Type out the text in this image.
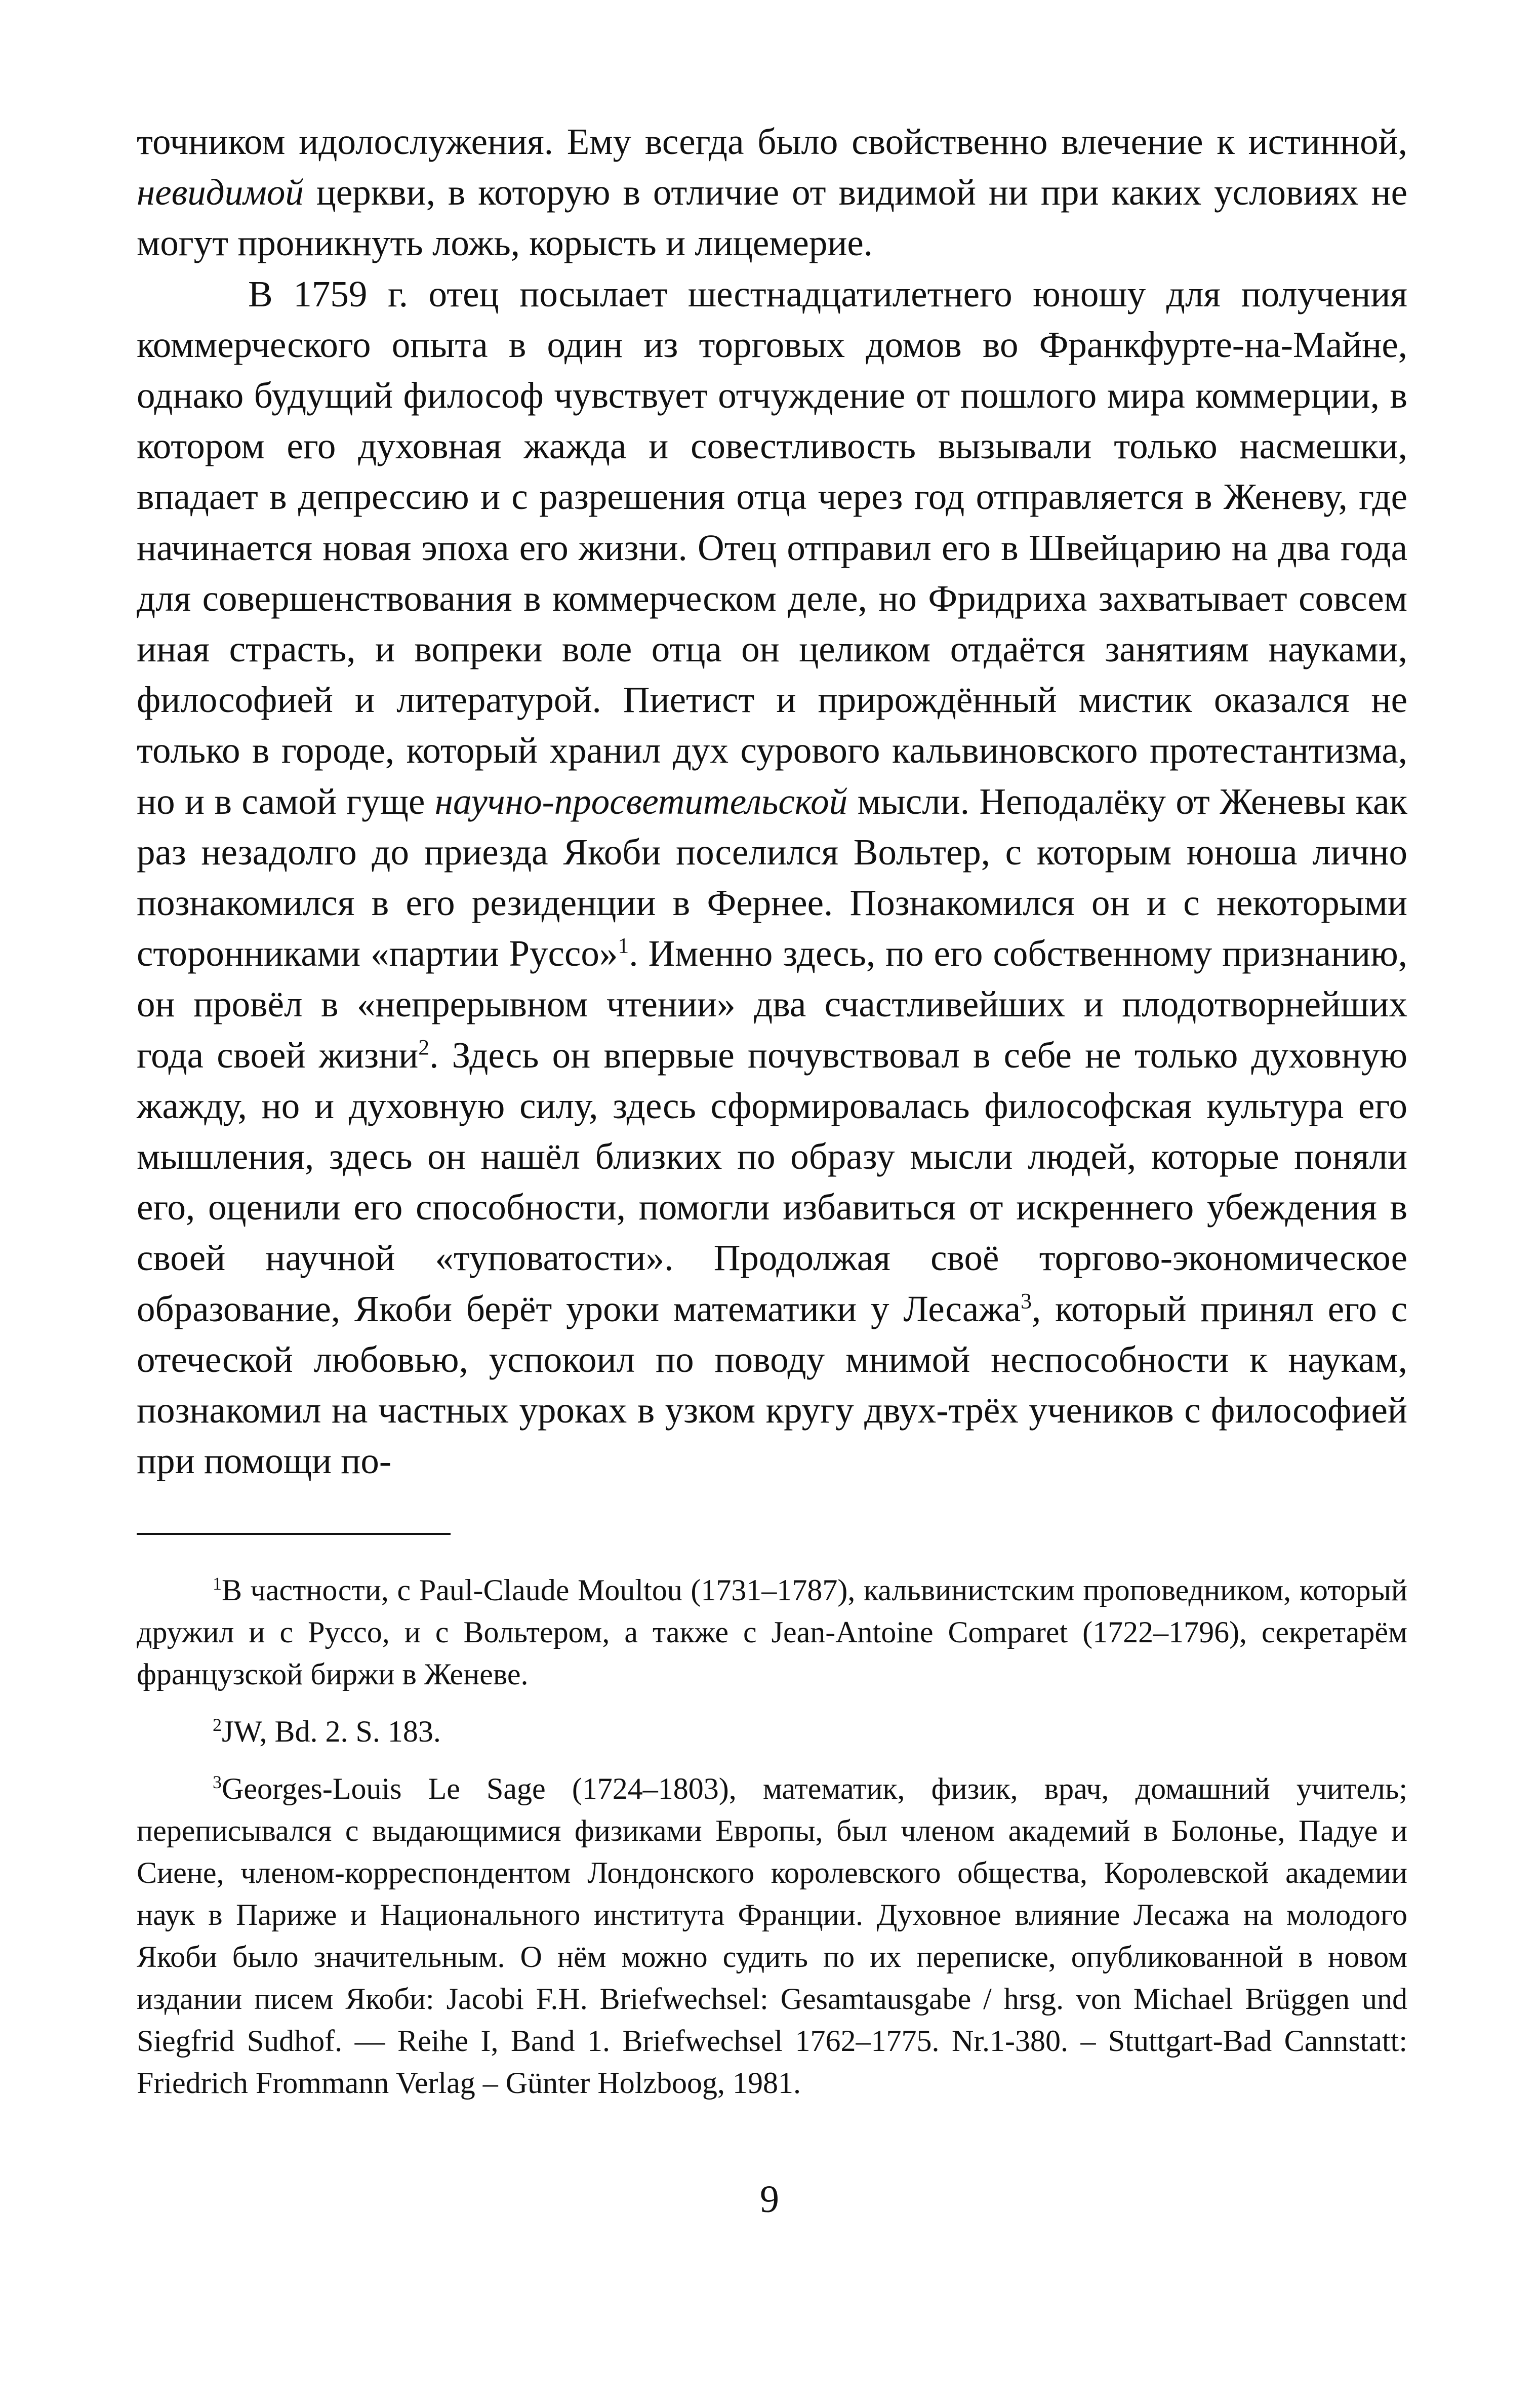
точником идолослужения. Ему всегда было свойственно влечение к истинной, невидимой церкви, в которую в отличие от видимой ни при каких условиях не могут проникнуть ложь, корысть и лицемерие.

В 1759 г. отец посылает шестнадцатилетнего юношу для получения коммерческого опыта в один из торговых домов во Франкфурте-на-Майне, однако будущий философ чувствует отчуждение от пошлого мира коммерции, в котором его духовная жажда и совестливость вызывали только насмешки, впадает в депрессию и с разрешения отца через год отправляется в Женеву, где начинается новая эпоха его жизни. Отец отправил его в Швейцарию на два года для совершенствования в коммерческом деле, но Фридриха захватывает совсем иная страсть, и вопреки воле отца он целиком отдаётся занятиям науками, философией и литературой. Пиетист и прирождённый мистик оказался не только в городе, который хранил дух сурового кальвиновского протестантизма, но и в самой гуще научно-просветительской мысли. Неподалёку от Женевы как раз незадолго до приезда Якоби поселился Вольтер, с которым юноша лично познакомился в его резиденции в Фернее. Познакомился он и с некоторыми сторонниками «партии Руссо»$^1$. Именно здесь, по его собственному признанию, он провёл в «непрерывном чтении» два счастливейших и плодотворнейших года своей жизни$^2$. Здесь он впервые почувствовал в себе не только духовную жажду, но и духовную силу, здесь сформировалась философская культура его мышления, здесь он нашёл близких по образу мысли людей, которые поняли его, оценили его способности, помогли избавиться от искреннего убеждения в своей научной «туповатости». Продолжая своё торгово-экономическое образование, Якоби берёт уроки математики у Лесажа$^3$, который принял его с отеческой любовью, успокоил по поводу мнимой неспособности к наукам, познакомил на частных уроках в узком кругу двух-трёх учеников с философией при помощи по-

$^1$В частности, с Paul-Claude Moultou (1731–1787), кальвинистским проповедником, который дружил и с Руссо, и с Вольтером, а также с Jean-Antoine Comparet (1722–1796), секретарём французской биржи в Женеве.

$^2$JW, Bd. 2. S. 183.

$^3$Georges-Louis Le Sage (1724–1803), математик, физик, врач, домашний учитель; переписывался с выдающимися физиками Европы, был членом академий в Болонье, Падуе и Сиене, членом-корреспондентом Лондонского королевского общества, Королевской академии наук в Париже и Национального института Франции. Духовное влияние Лесажа на молодого Якоби было значительным. О нём можно судить по их переписке, опубликованной в новом издании писем Якоби: Jacobi F.H. Briefwechsel: Gesamtausgabe / hrsg. von Michael Brüggen und Siegfrid Sudhof. — Reihe I, Band 1. Briefwechsel 1762–1775. Nr.1-380. – Stuttgart-Bad Cannstatt: Friedrich Frommann Verlag – Günter Holzboog, 1981.

9
